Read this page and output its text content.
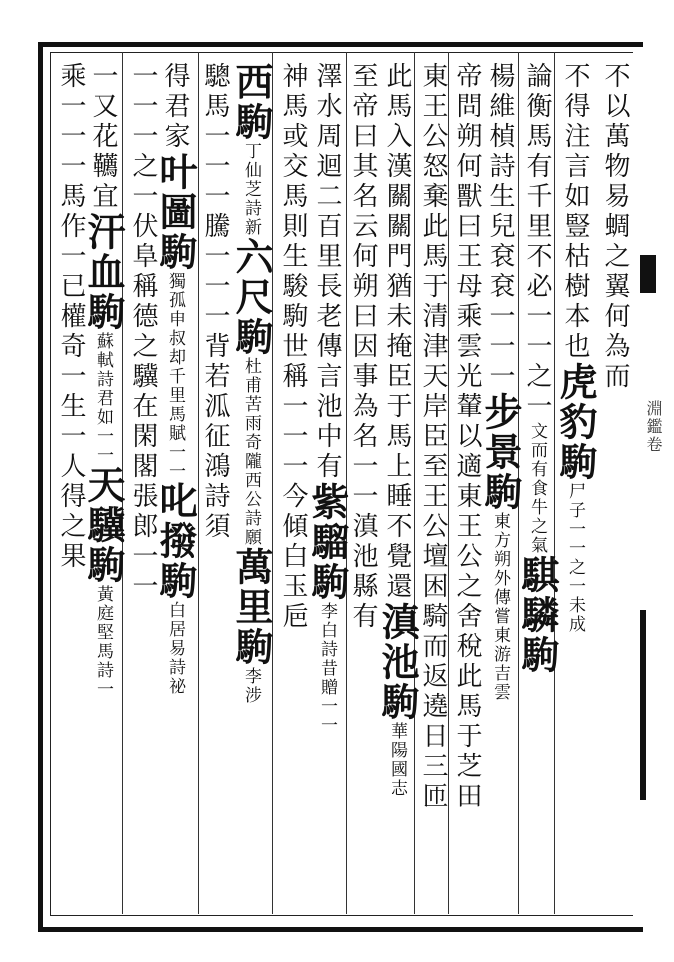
不以萬物易蜩之翼何為而
不得注言如豎枯樹本也虎豹駒尸子一一之一未成
論衡馬有千里不必一一之一文而有食牛之氣騏驎駒
楊維楨詩生兒袞袞一一一步景駒東方朔外傳嘗東游吉雲
帝問朔何獸曰王母乘雲光輦以適東王公之舍稅此馬于芝田
東王公怒棄此馬于清津天岸臣至王公壇困騎而返遶日三匝
此馬入漢關關門猶未掩臣于馬上睡不覺還滇池駒華陽國志
至帝曰其名云何朔曰因事為名一一滇池縣有
澤水周迴二百里長老傳言池中有紫騮駒李白詩昔贈一一
神馬或交馬則生駿駒世稱一一一今傾白玉巵
西駒丁仙芝詩新六尺駒杜甫苦雨奇隴西公詩願萬里駒李涉
驄馬一一一騰一一一背若泒征鴻詩須
得君家叶圖駒獨孤申叔却千里馬賦一一叱撥駒白居易詩祕
一一一之一伏阜稱德之驥在閑閣張郎一一
一又花韉宜汗血駒蘇軾詩君如一一天驥駒黃庭堅馬詩一
乘一一一馬作一已權奇一生一人得之果	淵鑑卷
